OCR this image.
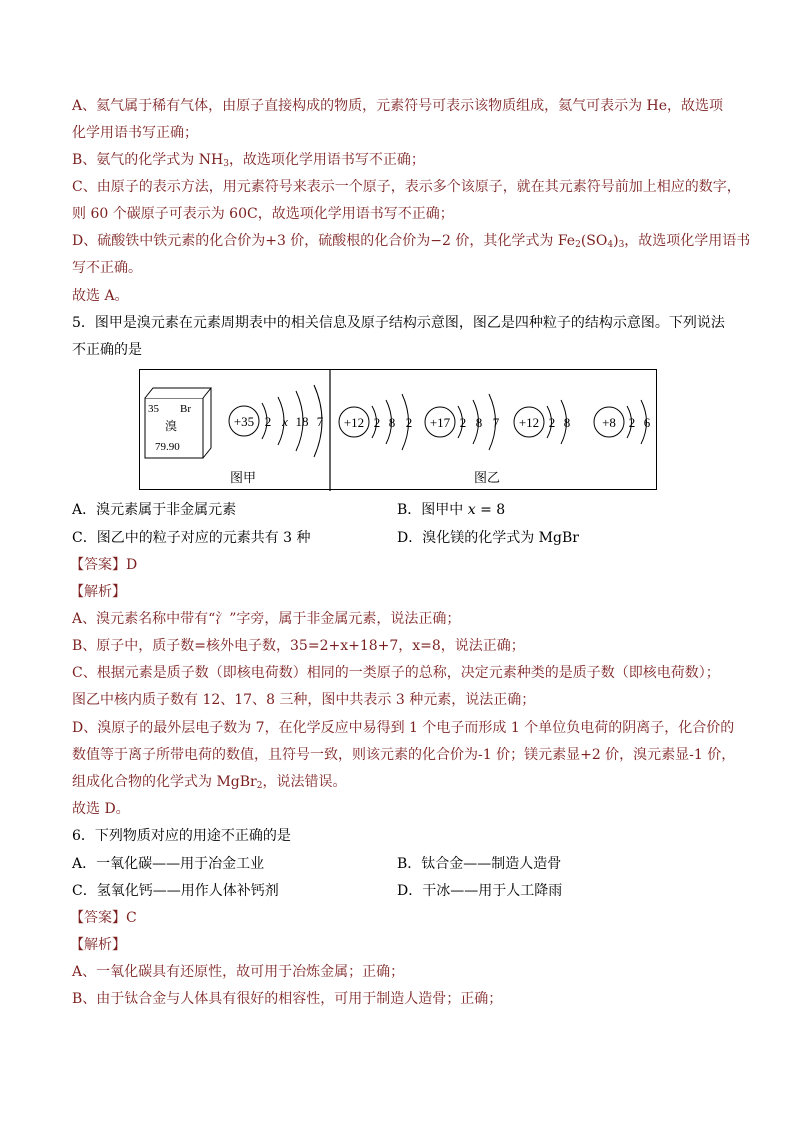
A、氦气属于稀有气体，由原子直接构成的物质，元素符号可表示该物质组成，氦气可表示为 He，故选项
化学用语书写正确；
B、氨气的化学式为 $NH_3$，故选项化学用语书写不正确；
C、由原子的表示方法，用元素符号来表示一个原子，表示多个该原子，就在其元素符号前加上相应的数字，
则 60 个碳原子可表示为 60C，故选项化学用语书写不正确；
D、硫酸铁中铁元素的化合价为+3 价，硫酸根的化合价为−2 价，其化学式为 $Fe_2(SO_4)_3$，故选项化学用语书
写不正确。
故选 A。
5．图甲是溴元素在元素周期表中的相关信息及原子结构示意图，图乙是四种粒子的结构示意图。下列说法
不正确的是
35 Br
溴
79.90
+35 2 x 18 7
图甲
+12 2 8 2 +17 2 8 7 +12 2 8 +8 2 6
图乙
A．溴元素属于非金属元素	B．图甲中 x = 8
C．图乙中的粒子对应的元素共有 3 种	D．溴化镁的化学式为 MgBr
【答案】D
【解析】
A、溴元素名称中带有“氵”字旁，属于非金属元素，说法正确；
B、原子中，质子数=核外电子数，35=2+x+18+7，x=8，说法正确；
C、根据元素是质子数（即核电荷数）相同的一类原子的总称，决定元素种类的是质子数（即核电荷数）；
图乙中核内质子数有 12、17、8 三种，图中共表示 3 种元素，说法正确；
D、溴原子的最外层电子数为 7，在化学反应中易得到 1 个电子而形成 1 个单位负电荷的阴离子，化合价的
数值等于离子所带电荷的数值，且符号一致，则该元素的化合价为-1 价；镁元素显+2 价，溴元素显-1 价，
组成化合物的化学式为 MgBr$_2$，说法错误。
故选 D。
6．下列物质对应的用途不正确的是
A．一氧化碳——用于冶金工业	B．钛合金——制造人造骨
C．氢氧化钙——用作人体补钙剂	D．干冰——用于人工降雨
【答案】C
【解析】
A、一氧化碳具有还原性，故可用于冶炼金属；正确；
B、由于钛合金与人体具有很好的相容性，可用于制造人造骨；正确；
